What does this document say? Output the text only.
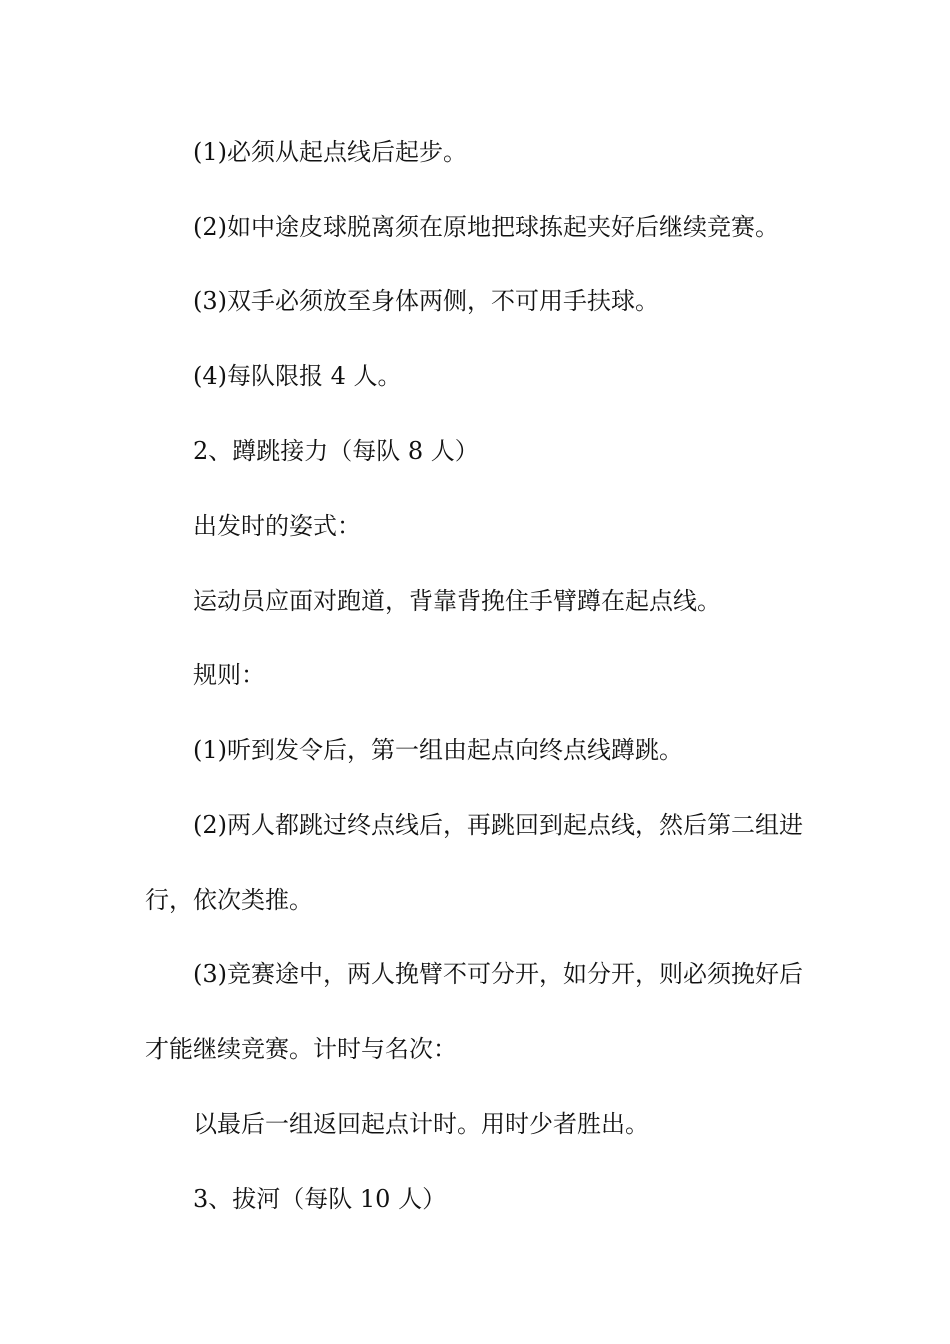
(1)必须从起点线后起步。

(2)如中途皮球脱离须在原地把球拣起夹好后继续竞赛。

(3)双手必须放至身体两侧，不可用手扶球。

(4)每队限报 4 人。

2、蹲跳接力（每队 8 人）

出发时的姿式：

运动员应面对跑道，背靠背挽住手臂蹲在起点线。

规则：

(1)听到发令后，第一组由起点向终点线蹲跳。

(2)两人都跳过终点线后，再跳回到起点线，然后第二组进

行，依次类推。

(3)竞赛途中，两人挽臂不可分开，如分开，则必须挽好后

才能继续竞赛。计时与名次：

以最后一组返回起点计时。用时少者胜出。

3、拔河（每队 10 人）
